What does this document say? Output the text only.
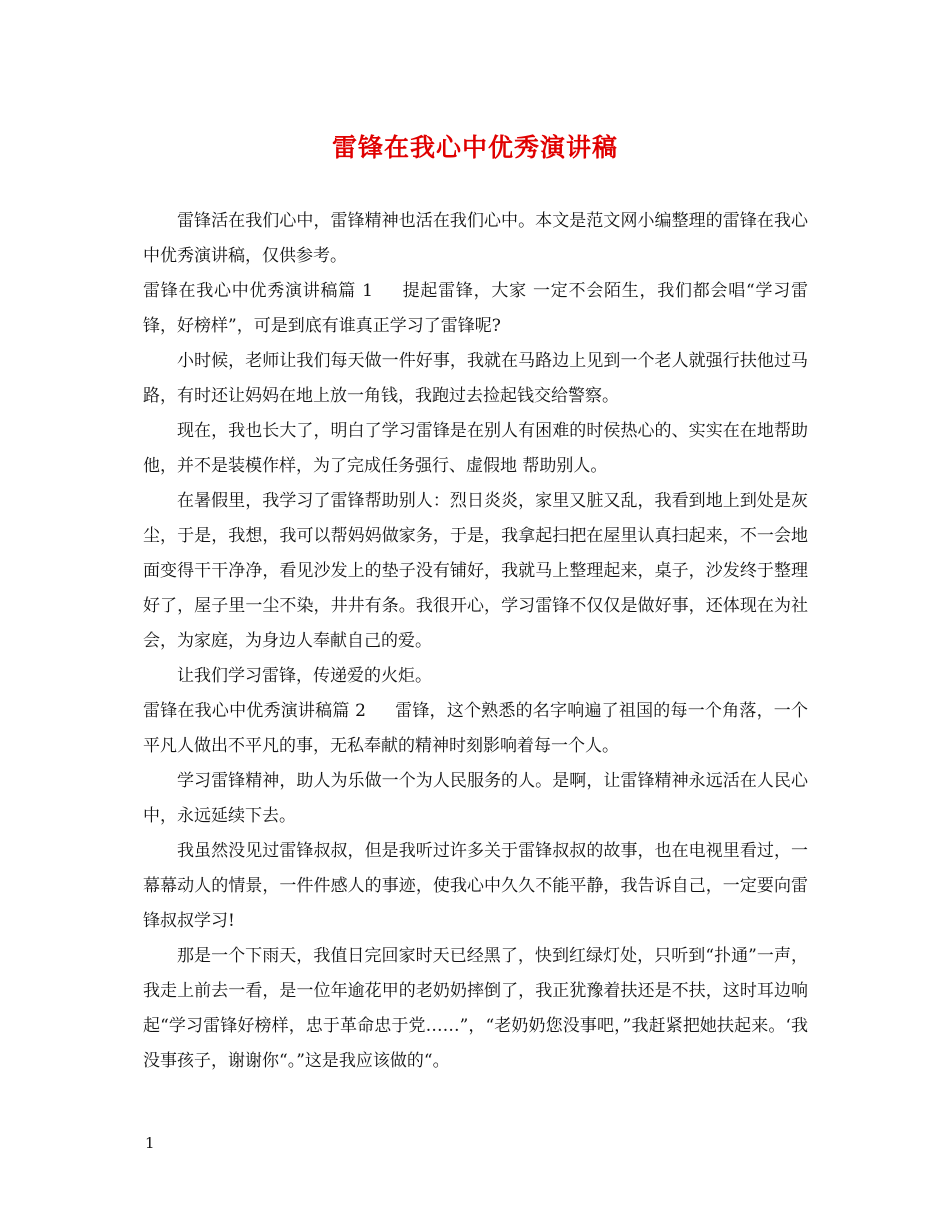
雷锋在我心中优秀演讲稿

雷锋活在我们心中，雷锋精神也活在我们心中。本文是范文网小编整理的雷锋在我心中优秀演讲稿，仅供参考。

雷锋在我心中优秀演讲稿篇 1 提起雷锋，大家 一定不会陌生，我们都会唱“学习雷锋，好榜样”，可是到底有谁真正学习了雷锋呢?

小时候，老师让我们每天做一件好事，我就在马路边上见到一个老人就强行扶他过马路，有时还让妈妈在地上放一角钱，我跑过去捡起钱交给警察。

现在，我也长大了，明白了学习雷锋是在别人有困难的时侯热心的、实实在在地帮助他，并不是装模作样，为了完成任务强行、虚假地 帮助别人。

在暑假里，我学习了雷锋帮助别人：烈日炎炎，家里又脏又乱，我看到地上到处是灰尘，于是，我想，我可以帮妈妈做家务，于是，我拿起扫把在屋里认真扫起来，不一会地面变得干干净净，看见沙发上的垫子没有铺好，我就马上整理起来，桌子，沙发终于整理好了，屋子里一尘不染，井井有条。我很开心，学习雷锋不仅仅是做好事，还体现在为社会，为家庭，为身边人奉献自己的爱。

让我们学习雷锋，传递爱的火炬。

雷锋在我心中优秀演讲稿篇 2 雷锋，这个熟悉的名字响遍了祖国的每一个角落，一个平凡人做出不平凡的事，无私奉献的精神时刻影响着每一个人。

学习雷锋精神，助人为乐做一个为人民服务的人。是啊，让雷锋精神永远活在人民心中，永远延续下去。

我虽然没见过雷锋叔叔，但是我听过许多关于雷锋叔叔的故事，也在电视里看过，一幕幕动人的情景，一件件感人的事迹，使我心中久久不能平静，我告诉自己，一定要向雷锋叔叔学习!

那是一个下雨天，我值日完回家时天已经黑了，快到红绿灯处，只听到“扑通”一声，我走上前去一看，是一位年逾花甲的老奶奶摔倒了，我正犹豫着扶还是不扶，这时耳边响起“学习雷锋好榜样，忠于革命忠于党……”，“老奶奶您没事吧，”我赶紧把她扶起来。‘我没事孩子，谢谢你“。”这是我应该做的“。

1
